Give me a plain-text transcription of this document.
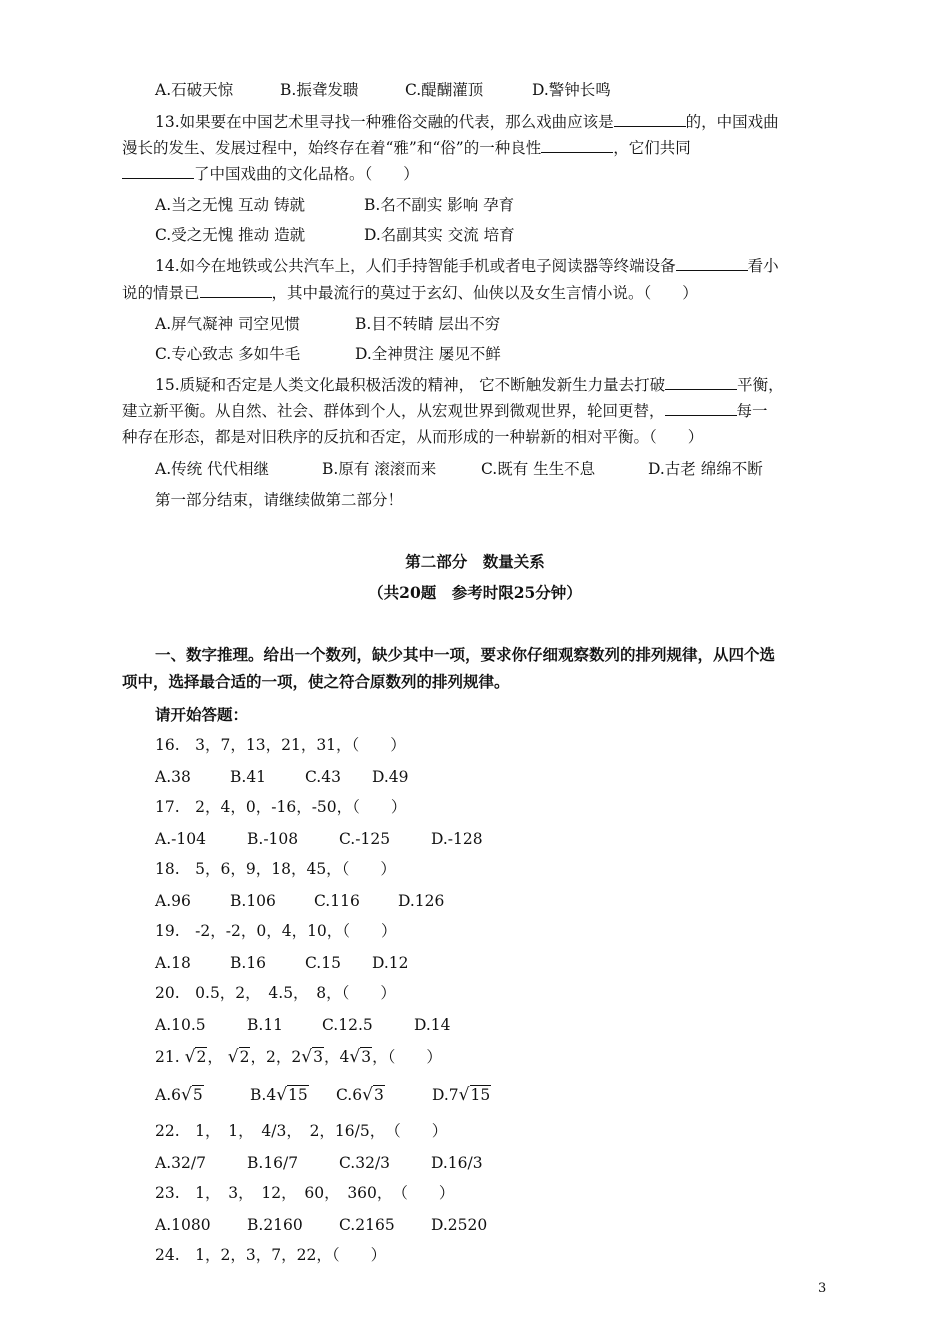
A.石破天惊	B.振聋发聩	C.醍醐灌顶	D.警钟长鸣
13.如果要在中国艺术里寻找一种雅俗交融的代表，那么戏曲应该是	的，中国戏曲
漫长的发生、发展过程中，始终存在着“雅”和“俗”的一种良性	，它们共同
了中国戏曲的文化品格。（　　）
A.当之无愧 互动 铸就	B.名不副实 影响 孕育
C.受之无愧 推动 造就	D.名副其实 交流 培育
14.如今在地铁或公共汽车上，人们手持智能手机或者电子阅读器等终端设备	看小
说的情景已	，其中最流行的莫过于玄幻、仙侠以及女生言情小说。（　　）
A.屏气凝神 司空见惯	B.目不转睛 层出不穷
C.专心致志 多如牛毛	D.全神贯注 屡见不鲜
15.质疑和否定是人类文化最积极活泼的精神， 它不断触发新生力量去打破	平衡，
建立新平衡。从自然、社会、群体到个人，从宏观世界到微观世界，轮回更替，	每一
种存在形态，都是对旧秩序的反抗和否定，从而形成的一种崭新的相对平衡。（　　）
A.传统 代代相继	B.原有 滚滚而来	C.既有 生生不息	D.古老 绵绵不断
第一部分结束，请继续做第二部分！
第二部分　数量关系
（共20题　参考时限25分钟）
一、数字推理。给出一个数列，缺少其中一项，要求你仔细观察数列的排列规律，从四个选
项中，选择最合适的一项，使之符合原数列的排列规律。
请开始答题：
16.　3，7，13，21，31，（　　）
A.38	B.41	C.43 D.49
17.　2，4，0，-16，-50，（　　）
A.-104	B.-108	C.-125	D.-128
18.　5，6，9，18，45，（　　）
A.96	B.106 C.116 D.126
19.　-2，-2，0，4，10，（　　）
A.18	B.16	C.15 D.12
20.　0.5，2，　4.5，　8，（　　）
A.10.5	B.11	C.12.5	D.14
21. √2， √2，2，2√3，4√3，（　　）
A.6√5	B.4√15 C.6√3	D.7√15
22.　1，　1，　4/3，　2，16/5，　（　　）
A.32/7	B.16/7	C.32/3	D.16/3
23.　1，　3，　12，　60，　360，　（　　）
A.1080 B.2160 C.2165 D.2520
24.　1，2，3，7，22，（　　）
3
